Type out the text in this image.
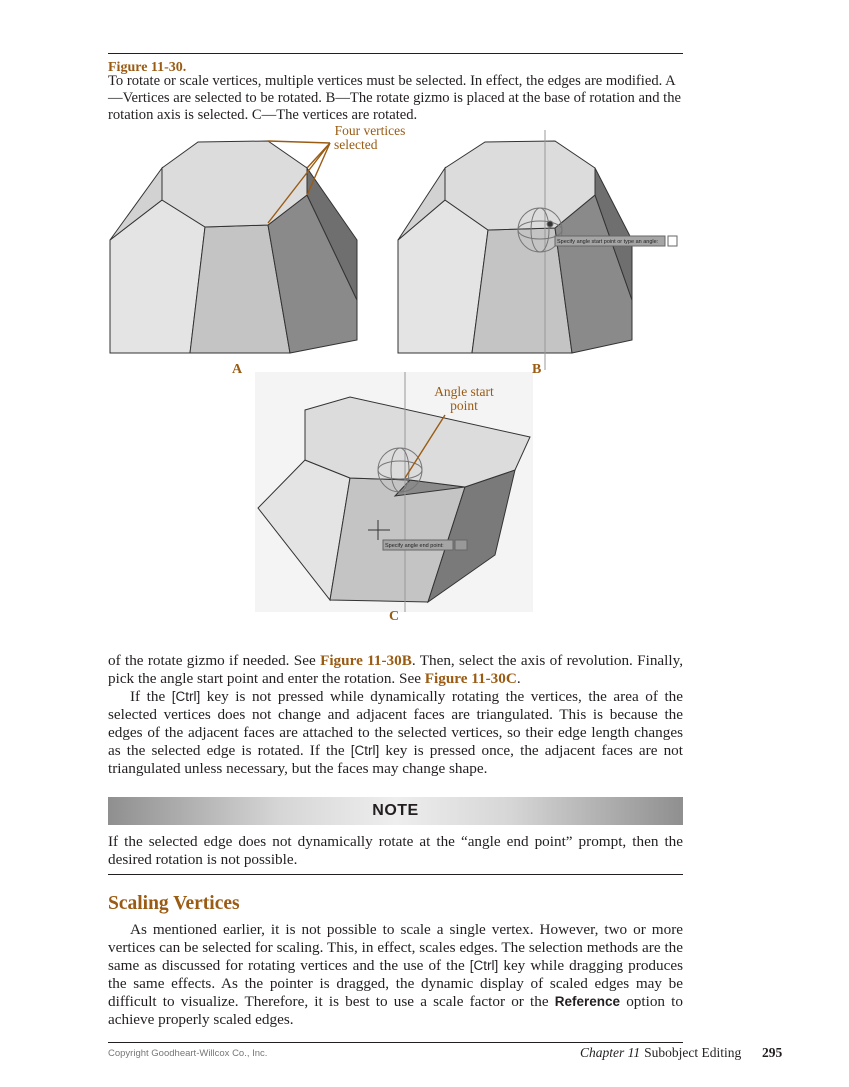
Figure 11-30.
To rotate or scale vertices, multiple vertices must be selected. In effect, the edges are modified. A—Vertices are selected to be rotated. B—The rotate gizmo is placed at the base of rotation and the rotation axis is selected. C—The vertices are rotated.
Specify angle start point or type an angle:
Specify angle end point:
Four vertices
selected
Angle start
point
A	B
C

of the rotate gizmo if needed. See Figure 11-30B. Then, select the axis of revolution. Finally, pick the angle start point and enter the rotation. See Figure 11-30C.

If the [Ctrl] key is not pressed while dynamically rotating the vertices, the area of the selected vertices does not change and adjacent faces are triangulated. This is because the edges of the adjacent faces are attached to the selected vertices, so their edge length changes as the selected edge is rotated. If the [Ctrl] key is pressed once, the adjacent faces are not triangulated unless necessary, but the faces may change shape.

NOTE
If the selected edge does not dynamically rotate at the “angle end point” prompt, then the desired rotation is not possible.
Scaling Vertices

As mentioned earlier, it is not possible to scale a single vertex. However, two or more vertices can be selected for scaling. This, in effect, scales edges. The selection methods are the same as discussed for rotating vertices and the use of the [Ctrl] key while dragging produces the same effects. As the pointer is dragged, the dynamic display of scaled edges may be difficult to visualize. Therefore, it is best to use a scale factor or the Reference option to achieve properly scaled edges.

Copyright Goodheart-Willcox Co., Inc.	Chapter 11 Subobject Editing 295
